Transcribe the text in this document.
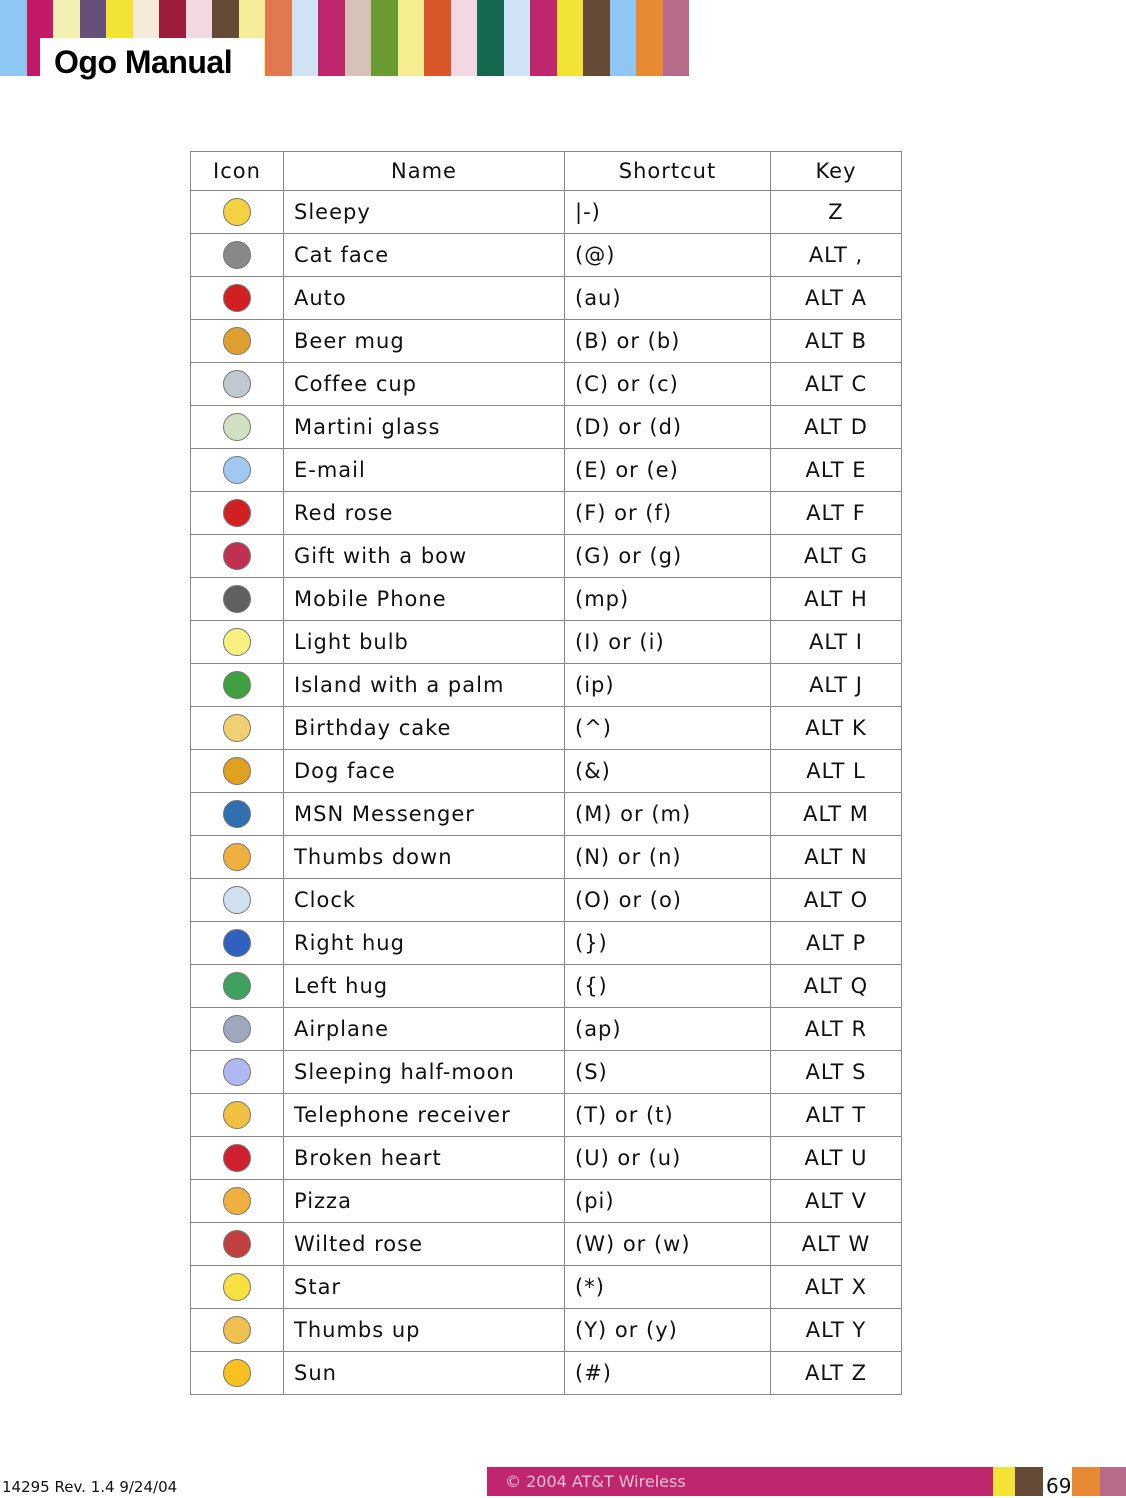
Ogo Manual
Icon	Name	Shortcut	Key
	Sleepy	|-)	Z
	Cat face	(@)	ALT ,
	Auto	(au)	ALT A
	Beer mug	(B) or (b)	ALT B
	Coffee cup	(C) or (c)	ALT C
	Martini glass	(D) or (d)	ALT D
	E-mail	(E) or (e)	ALT E
	Red rose	(F) or (f)	ALT F
	Gift with a bow	(G) or (g)	ALT G
	Mobile Phone	(mp)	ALT H
	Light bulb	(I) or (i)	ALT I
	Island with a palm	(ip)	ALT J
	Birthday cake	(^)	ALT K
	Dog face	(&)	ALT L
	MSN Messenger	(M) or (m)	ALT M
	Thumbs down	(N) or (n)	ALT N
	Clock	(O) or (o)	ALT O
	Right hug	(})	ALT P
	Left hug	({)	ALT Q
	Airplane	(ap)	ALT R
	Sleeping half-moon	(S)	ALT S
	Telephone receiver	(T) or (t)	ALT T
	Broken heart	(U) or (u)	ALT U
	Pizza	(pi)	ALT V
	Wilted rose	(W) or (w)	ALT W
	Star	(*)	ALT X
	Thumbs up	(Y) or (y)	ALT Y
	Sun	(#)	ALT Z
14295 Rev. 1.4 9/24/04	© 2004 AT&T Wireless	69
